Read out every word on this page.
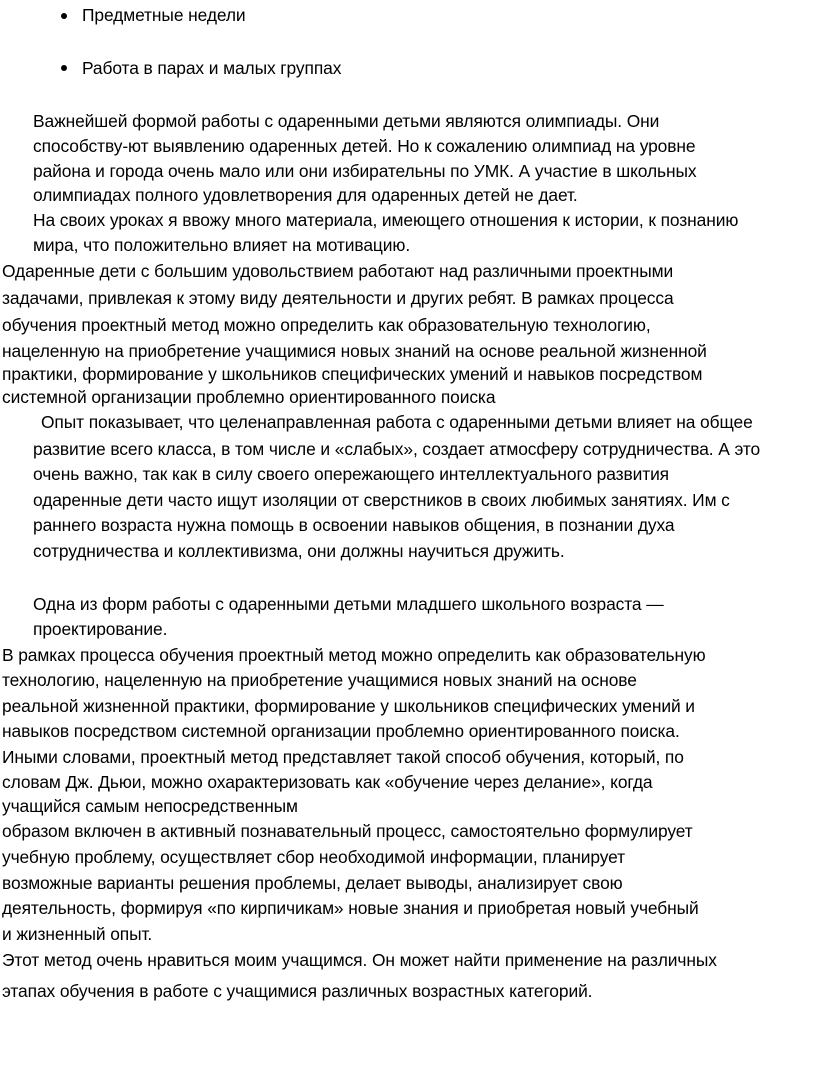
Предметные недели
Работа в парах и малых группах
Важнейшей формой работы с одаренными детьми являются олимпиады. Они
способству-ют выявлению одаренных детей. Но к сожалению олимпиад на уровне
района и города очень мало или они избирательны по УМК. А участие в школьных
олимпиадах полного удовлетворения для одаренных детей не дает.
На своих уроках я ввожу много материала, имеющего отношения к истории, к познанию
мира, что положительно влияет на мотивацию.
Одаренные дети с большим удовольствием работают над различными проектными
задачами, привлекая к этому виду деятельности и других ребят. В рамках процесса
обучения проектный метод можно определить как образовательную технологию,
нацеленную на приобретение учащимися новых знаний на основе реальной жизненной
практики, формирование у школьников специфических умений и навыков посредством
системной организации проблемно ориентированного поиска
Опыт показывает, что целенаправленная работа с одаренными детьми влияет на общее
развитие всего класса, в том числе и «слабых», создает атмосферу сотрудничества. А это
очень важно, так как в силу своего опережающего интеллектуального развития
одаренные дети часто ищут изоляции от сверстников в своих любимых занятиях. Им с
раннего возраста нужна помощь в освоении навыков общения, в познании духа
сотрудничества и коллективизма, они должны научиться дружить.
Одна из форм работы с одаренными детьми младшего школьного возраста —
проектирование.
В рамках процесса обучения проектный метод можно определить как образовательную
технологию, нацеленную на приобретение учащимися новых знаний на основе
реальной жизненной практики, формирование у школьников специфических умений и
навыков посредством системной организации проблемно ориентированного поиска.
Иными словами, проектный метод представляет такой способ обучения, который, по
словам Дж. Дьюи, можно охарактеризовать как «обучение через делание», когда
учащийся самым непосредственным
образом включен в активный познавательный процесс, самостоятельно формулирует
учебную проблему, осуществляет сбор необходимой информации, планирует
возможные варианты решения проблемы, делает выводы, анализирует свою
деятельность, формируя «по кирпичикам» новые знания и приобретая новый учебный
и жизненный опыт.
Этот метод очень нравиться моим учащимся. Он может найти применение на различных
этапах обучения в работе с учащимися различных возрастных категорий.
